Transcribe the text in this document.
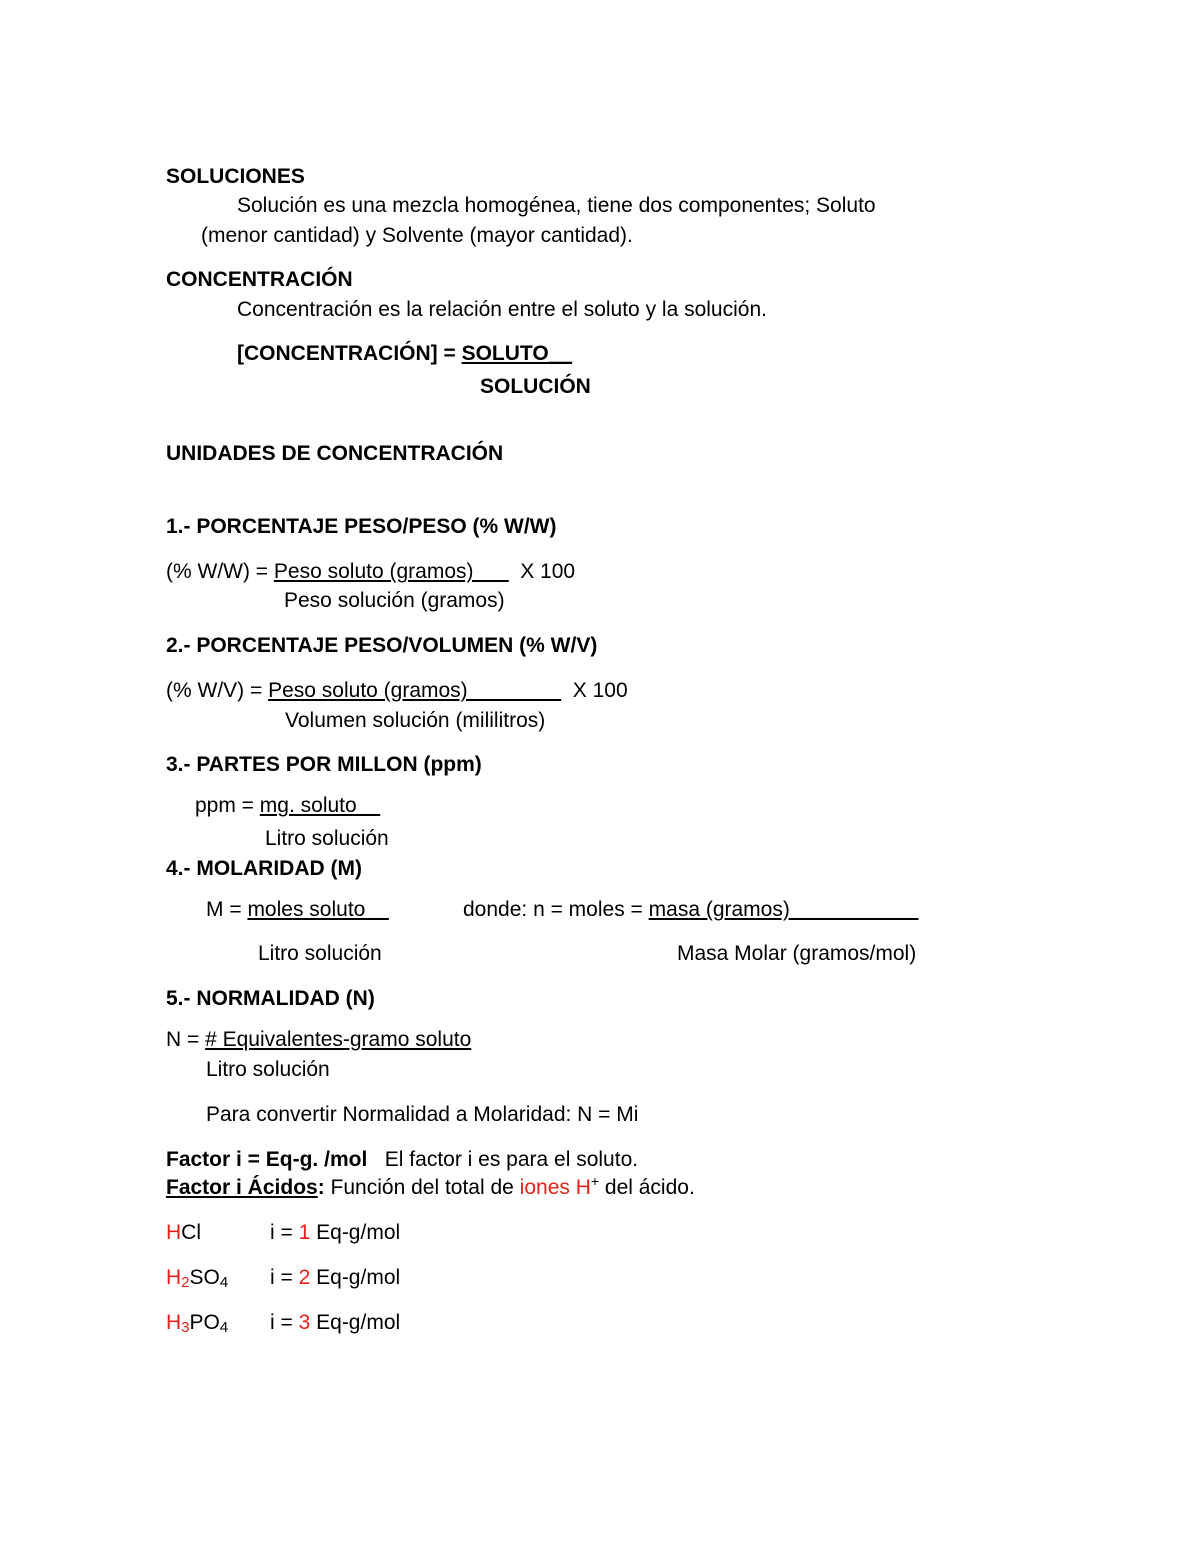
SOLUCIONES
Solución es una mezcla homogénea, tiene dos componentes; Soluto
(menor cantidad) y Solvente (mayor cantidad).
CONCENTRACIÓN
Concentración es la relación entre el soluto y la solución.
[CONCENTRACIÓN] = SOLUTO__
SOLUCIÓN
UNIDADES DE CONCENTRACIÓN
1.- PORCENTAJE PESO/PESO (% W/W)
(% W/W) = Peso soluto (gramos)___  X 100
Peso solución (gramos)
2.- PORCENTAJE PESO/VOLUMEN (% W/V)
(% W/V) = Peso soluto (gramos)________  X 100
Volumen solución (mililitros)
3.- PARTES POR MILLON (ppm)
ppm = mg. soluto__
Litro solución
4.- MOLARIDAD (M)
M = moles soluto__	donde: n = moles = masa (gramos)___________
Litro solución	Masa Molar (gramos/mol)
5.- NORMALIDAD (N)
N = # Equivalentes-gramo soluto
Litro solución
Para convertir Normalidad a Molaridad: N = Mi
Factor i = Eq-g. /mol El factor i es para el soluto.
Factor i Ácidos: Función del total de iones H+ del ácido.
HCl	i = 1 Eq-g/mol
$H_2SO_4$ i = 2 Eq-g/mol
$H_3PO_4$ i = 3 Eq-g/mol
